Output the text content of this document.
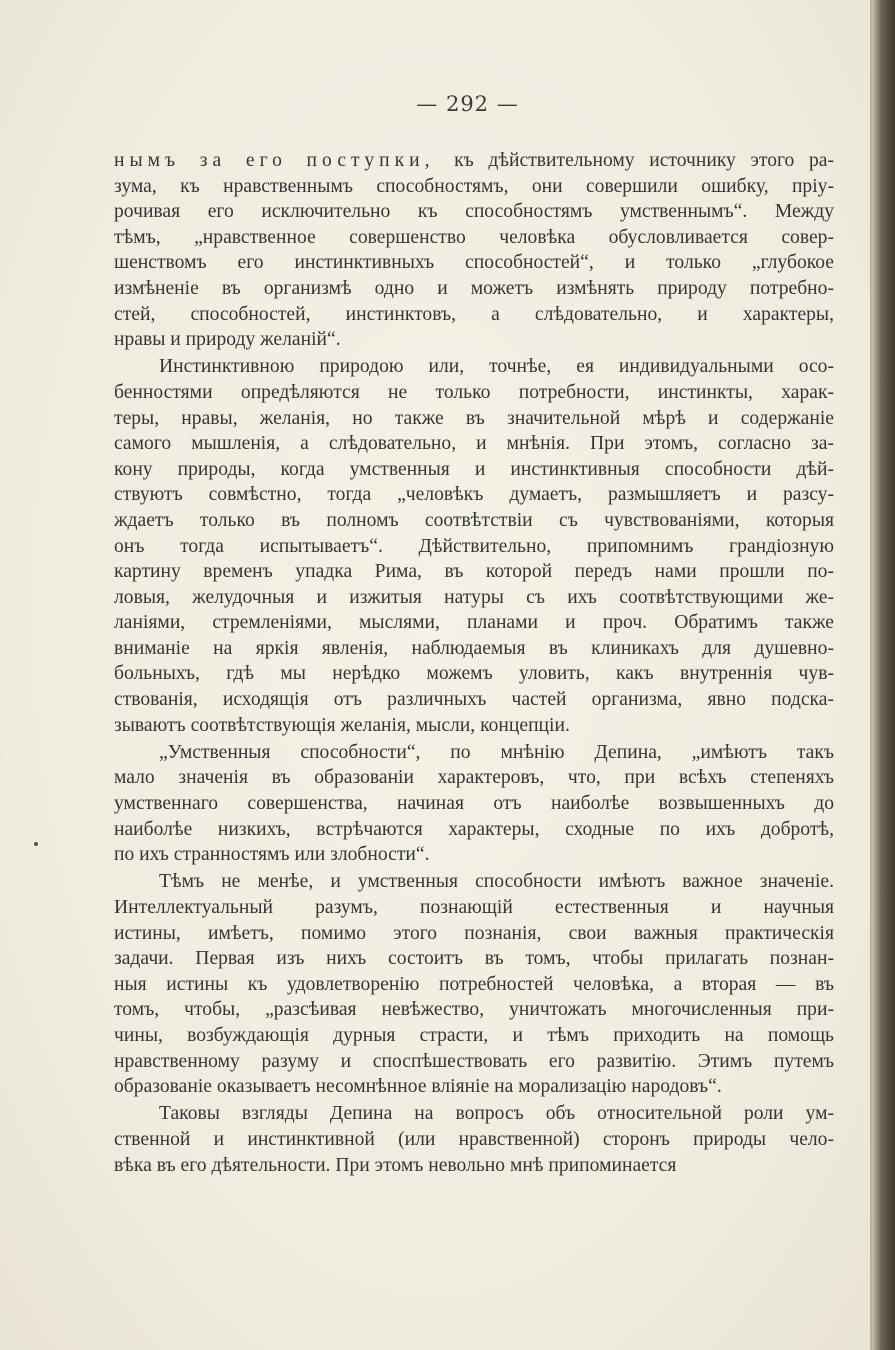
— 292 —
нымъ за его поступки, къ дѣйствительному источнику этого ра-
зума, къ нравственнымъ способностямъ, они совершили ошибку, пріу-
рочивая его исключительно къ способностямъ умственнымъ“. Между
тѣмъ, „нравственное совершенство человѣка обусловливается совер-
шенствомъ его инстинктивныхъ способностей“, и только „глубокое
измѣненіе въ организмѣ одно и можетъ измѣнять природу потребно-
стей, способностей, инстинктовъ, а слѣдовательно, и характеры,
нравы и природу желаній“.
Инстинктивною природою или, точнѣе, ея индивидуальными осо-
бенностями опредѣляются не только потребности, инстинкты, харак-
теры, нравы, желанія, но также въ значительной мѣрѣ и содержаніе
самого мышленія, а слѣдовательно, и мнѣнія. При этомъ, согласно за-
кону природы, когда умственныя и инстинктивныя способности дѣй-
ствуютъ совмѣстно, тогда „человѣкъ думаетъ, размышляетъ и разсу-
ждаетъ только въ полномъ соотвѣтствіи съ чувствованіями, которыя
онъ тогда испытываетъ“. Дѣйствительно, припомнимъ грандіозную
картину временъ упадка Рима, въ которой передъ нами прошли по-
ловыя, желудочныя и изжитыя натуры съ ихъ соотвѣтствующими же-
ланіями, стремленіями, мыслями, планами и проч. Обратимъ также
вниманіе на яркія явленія, наблюдаемыя въ клиникахъ для душевно-
больныхъ, гдѣ мы нерѣдко можемъ уловить, какъ внутреннія чув-
ствованія, исходящія отъ различныхъ частей организма, явно подска-
зываютъ соотвѣтствующія желанія, мысли, концепціи.
„Умственныя способности“, по мнѣнію Депина, „имѣютъ такъ
мало значенія въ образованіи характеровъ, что, при всѣхъ степеняхъ
умственнаго совершенства, начиная отъ наиболѣе возвышенныхъ до
наиболѣе низкихъ, встрѣчаются характеры, сходные по ихъ добротѣ,
по ихъ странностямъ или злобности“.
Тѣмъ не менѣе, и умственныя способности имѣютъ важное значеніе.
Интеллектуальный разумъ, познающій естественныя и научныя
истины, имѣетъ, помимо этого познанія, свои важныя практическія
задачи. Первая изъ нихъ состоитъ въ томъ, чтобы прилагать познан-
ныя истины къ удовлетворенію потребностей человѣка, а вторая — въ
томъ, чтобы, „разсѣивая невѣжество, уничтожать многочисленныя при-
чины, возбуждающія дурныя страсти, и тѣмъ приходить на помощь
нравственному разуму и споспѣшествовать его развитію. Этимъ путемъ
образованіе оказываетъ несомнѣнное вліяніе на морализацію народовъ“.
Таковы взгляды Депина на вопросъ объ относительной роли ум-
ственной и инстинктивной (или нравственной) сторонъ природы чело-
вѣка въ его дѣятельности. При этомъ невольно мнѣ припоминается
